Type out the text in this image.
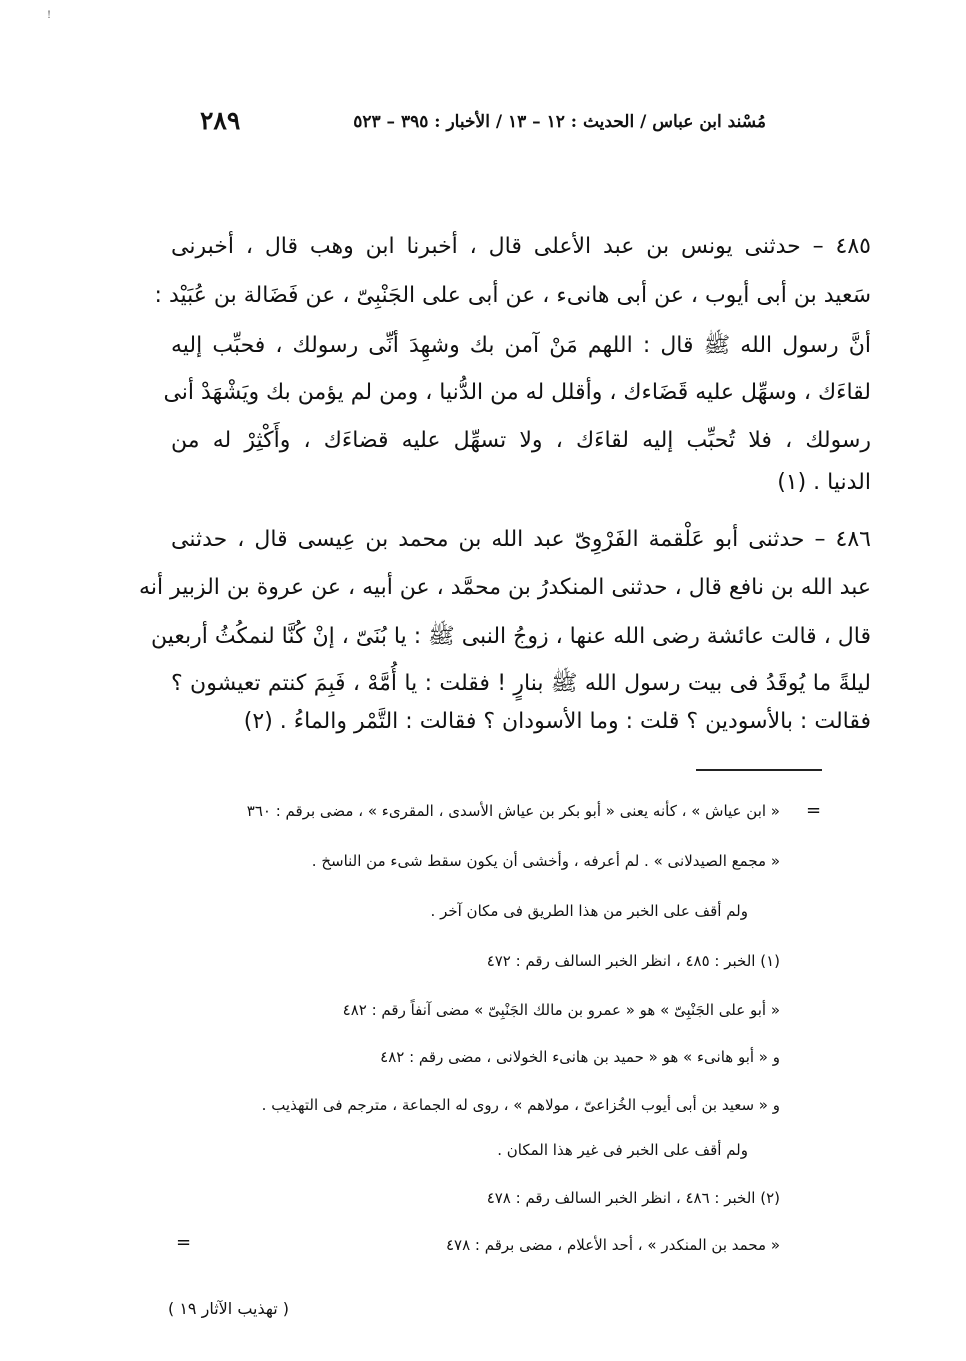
!
٢٨٩	مُسْند ابن عباس / الحديث : ١٢ – ١٣ / الأخبار : ٣٩٥ – ٥٢٣
٤٨٥ – حدثنى يونس بن عبد الأعلى قال ، أخبرنا ابن وهب قال ، أخبرنى
سَعيد بن أبى أيوب ، عن أبى هانىء ، عن أبى على الجَنْبِىّ ، عن فَضَالة بن عُبَيْد :
أنَّ رسول الله ﷺ قال : اللهم مَنْ آمن بك وشهِدَ أنِّى رسولك ، فحبِّب إليه
لقاءَك ، وسهِّل عليه قَضَاءك ، وأقلل له من الدُّنيا ، ومن لم يؤمن بك ويَشْهَدْ أنى
رسولك ، فلا تُحبِّب إليه لقاءَك ، ولا تسهِّل عليه قضاءَك ، وأَكْثِرْ له من
الدنيا . (١)
٤٨٦ – حدثنى أبو عَلْقمة الفَرْوِىّ عبد الله بن محمد بن عِيسى قال ، حدثنى
عبد الله بن نافع قال ، حدثنى المنكدرُ بن محمَّد ، عن أبيه ، عن عروة بن الزبير أنه
قال ، قالت عائشة رضى الله عنها ، زوجُ النبى ﷺ : يا بُنَىّ ، إنْ كُنَّا لنمكُثُ أربعين
ليلةً ما يُوقَدُ فى بيت رسول الله ﷺ بنارٍ ! فقلت : يا أُمَّهْ ، فَبِمَ كنتم تعيشون ؟
فقالت : بالأسودين ؟ قلت : وما الأسودان ؟ فقالت : التَّمْر والماءُ . (٢)
=
« ابن عياش » ، كأنه يعنى « أبو بكر بن عياش الأسدى ، المقرىء » ، مضى برقم : ٣٦٠
« مجمع الصيدلانى » . لم أعرفه ، وأخشى أن يكون سقط شىء من الناسخ .
ولم أقف على الخبر من هذا الطريق فى مكان آخر .
(١) الخبر : ٤٨٥ ، انظر الخبر السالف رقم : ٤٧٢
« أبو على الجَنْبِىّ » هو « عمرو بن مالك الجَنْبِىّ » مضى آنفاً رقم : ٤٨٢
و « أبو هانىء » هو « حميد بن هانىء الخولانى ، مضى رقم : ٤٨٢
و « سعيد بن أبى أيوب الخُزاعىّ ، مولاهم » ، روى له الجماعة ، مترجم فى التهذيب .
ولم أقف على الخبر فى غير هذا المكان .
(٢) الخبر : ٤٨٦ ، انظر الخبر السالف رقم : ٤٧٨
« محمد بن المنكدر » ، أحد الأعلام ، مضى برقم : ٤٧٨
=
( تهذيب الآثار ١٩ )
